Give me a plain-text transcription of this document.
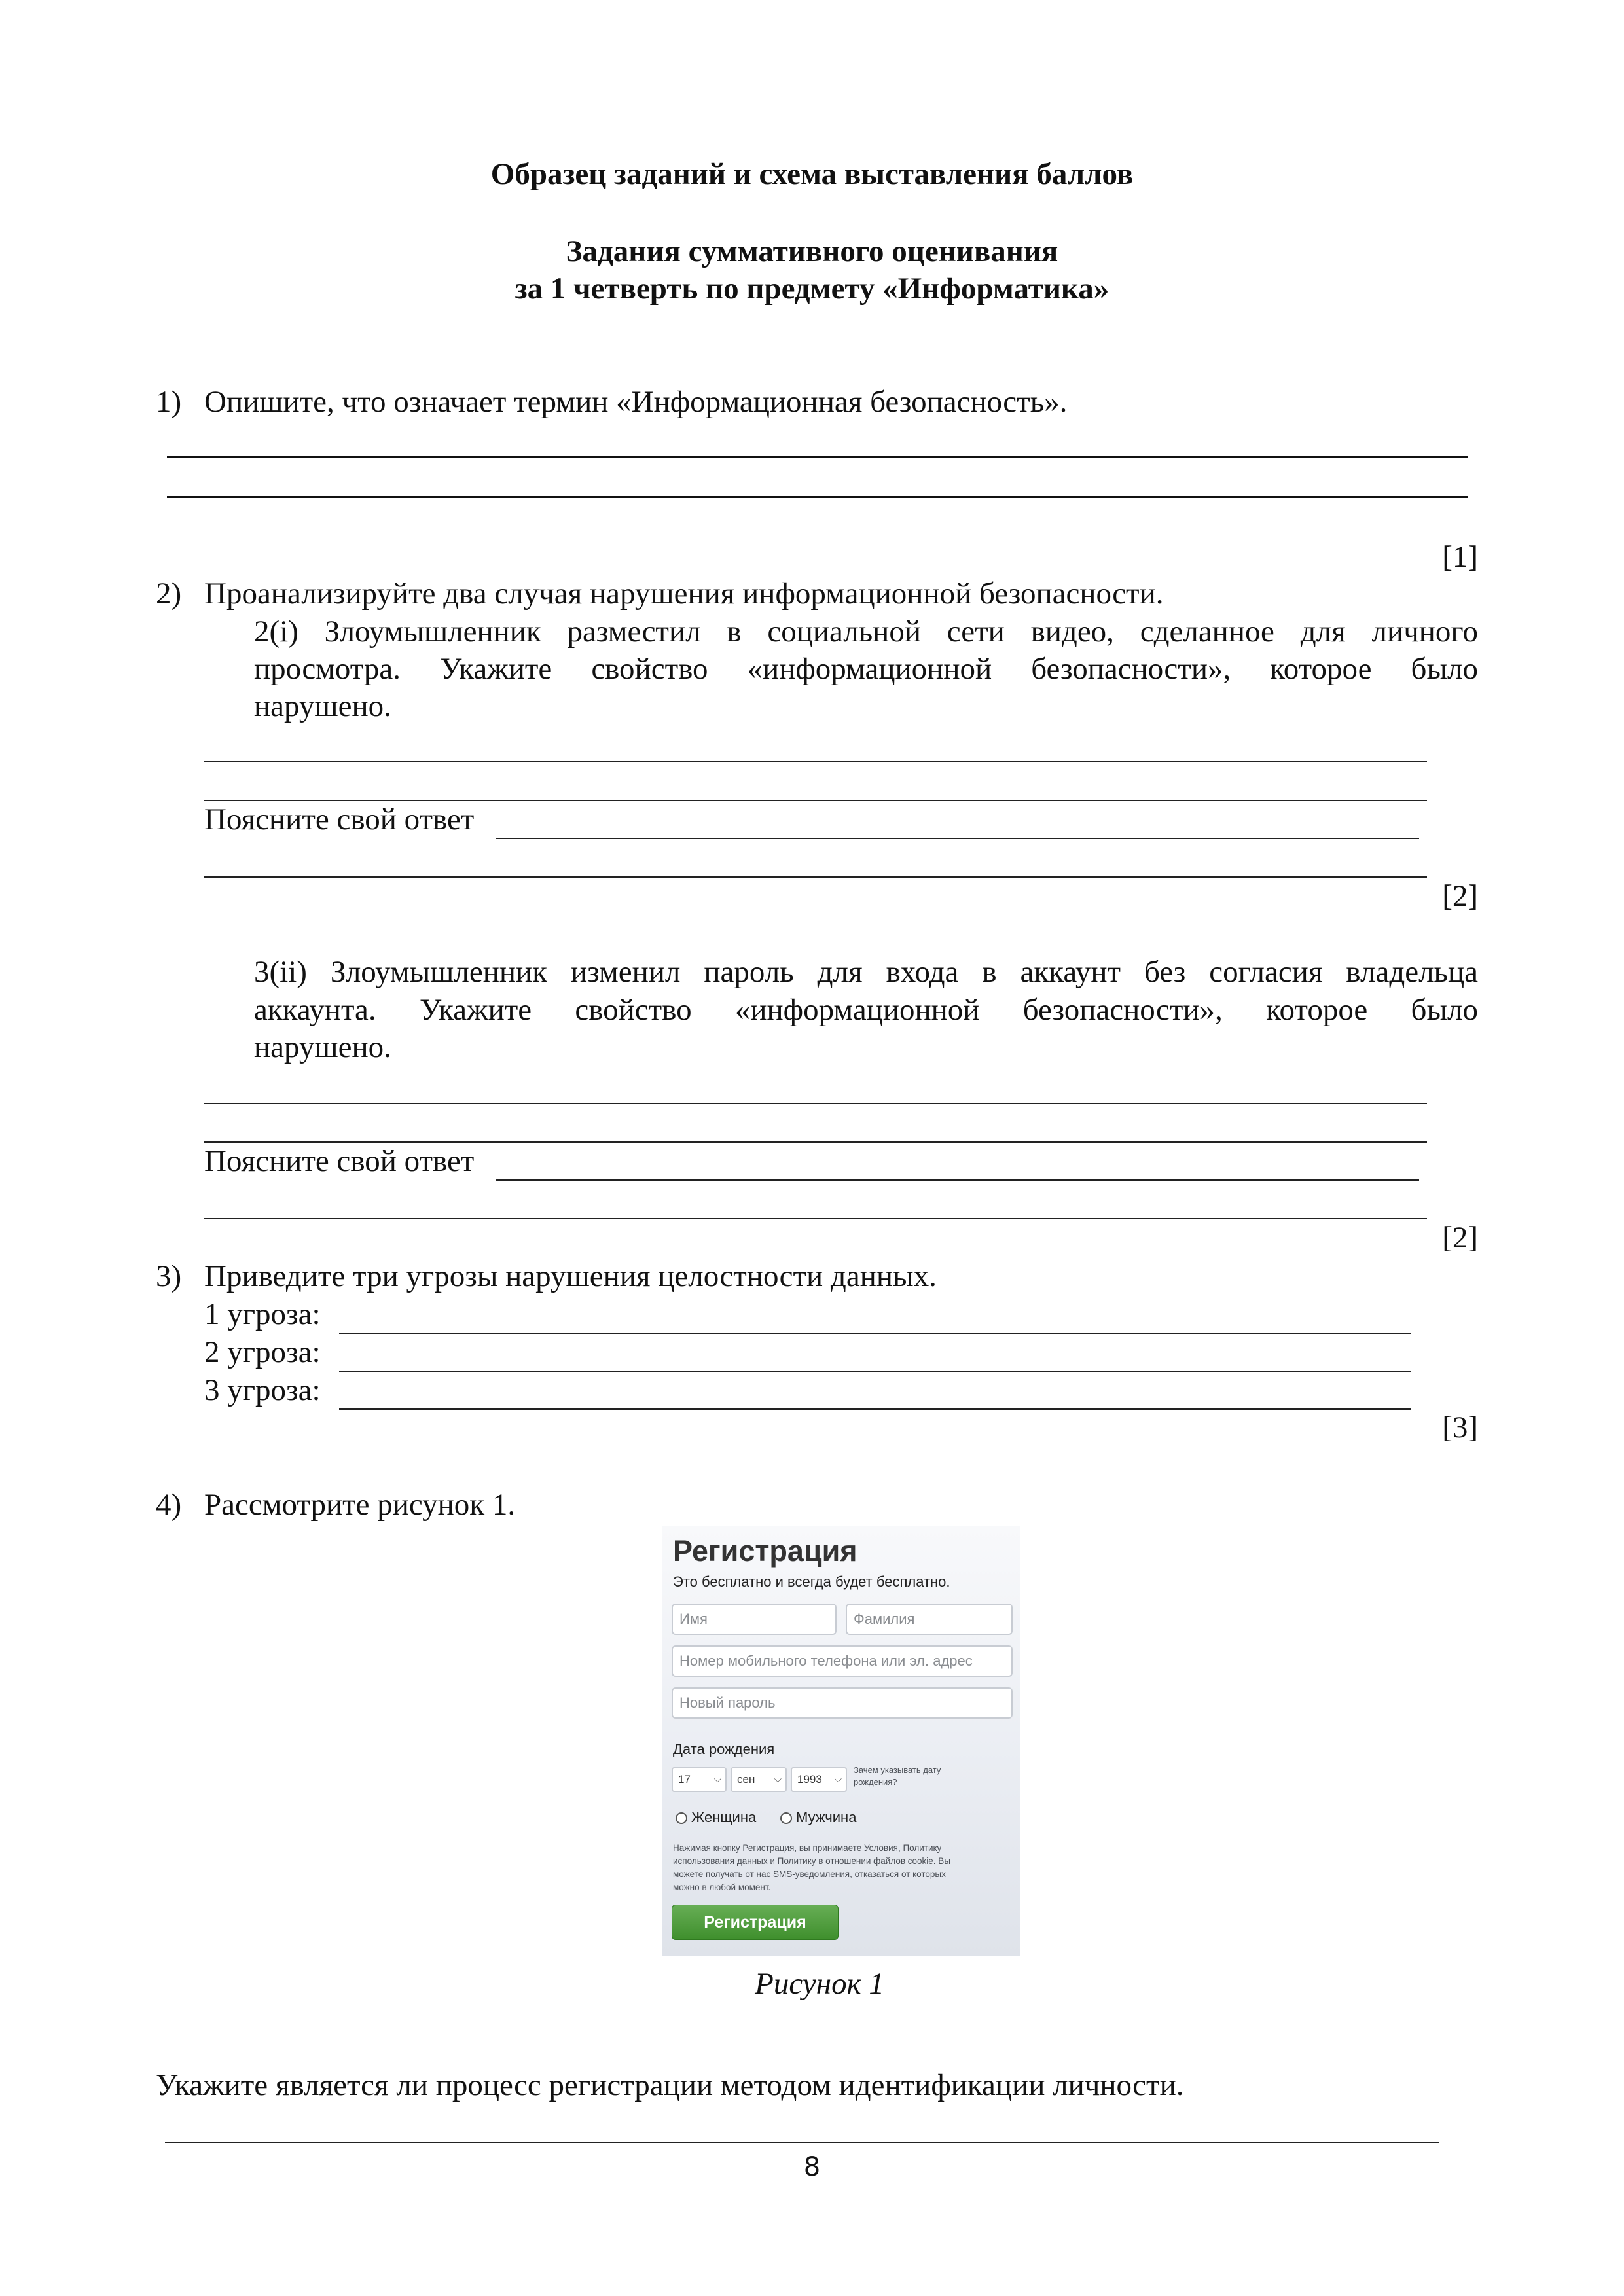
Образец заданий и схема выставления баллов
Задания суммативного оценивания
за 1 четверть по предмету «Информатика»
1) Опишите, что означает термин «Информационная безопасность».
[1]
2) Проанализируйте два случая нарушения информационной безопасности.
2(i) Злоумышленник разместил в социальной сети видео, сделанное для личного
просмотра. Укажите свойство «информационной безопасности», которое было
нарушено.
Поясните свой ответ
[2]
3(ii) Злоумышленник изменил пароль для входа в аккаунт без согласия владельца
аккаунта. Укажите свойство «информационной безопасности», которое было
нарушено.
Поясните свой ответ
[2]
3) Приведите три угрозы нарушения целостности данных.
1 угроза:
2 угроза:
3 угроза:
[3]
4) Рассмотрите рисунок 1.
Регистрация
Это бесплатно и всегда будет бесплатно.
Имя	Фамилия
Номер мобильного телефона или эл. адрес
Новый пароль
Дата рождения
17 ⌵	сен ⌵	1993 ⌵
Зачем указывать дату рождения?
Женщина	Мужчина
Нажимая кнопку Регистрация, вы принимаете Условия, Политику использования данных и Политику в отношении файлов cookie. Вы можете получать от нас SMS-уведомления, отказаться от которых можно в любой момент.
Регистрация
Рисунок 1
Укажите является ли процесс регистрации методом идентификации личности.
8
